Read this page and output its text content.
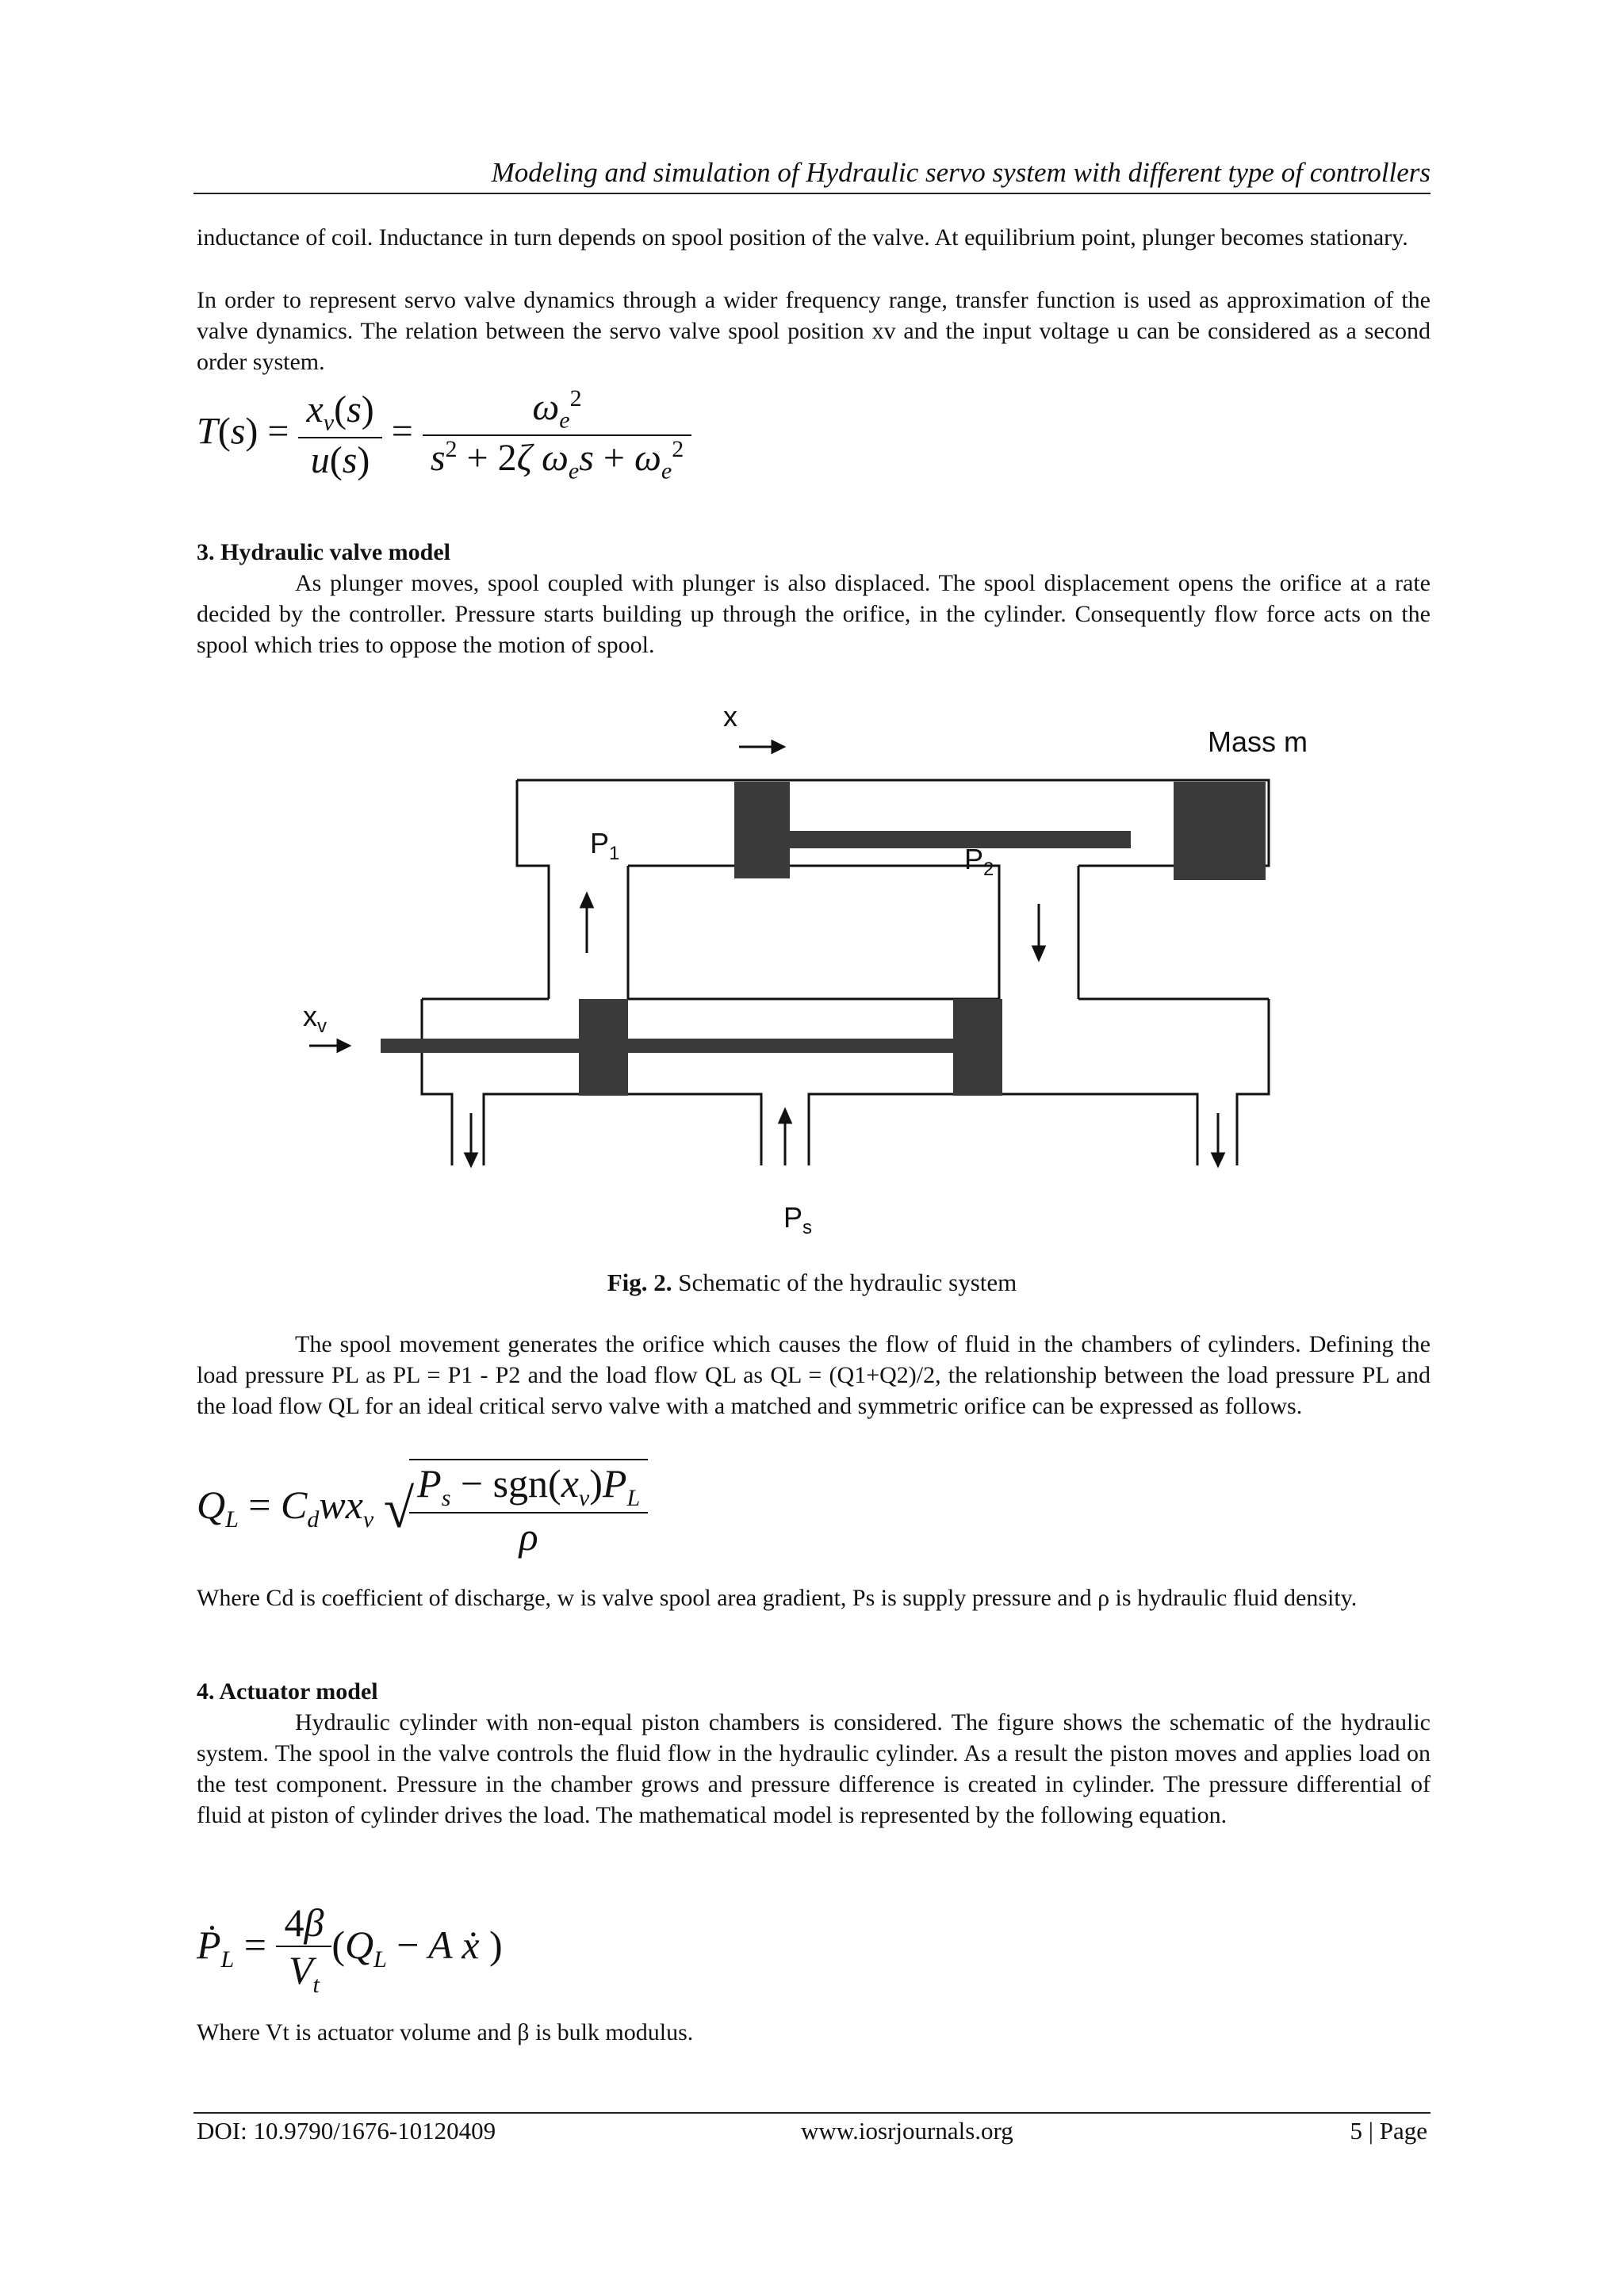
Modeling and simulation of Hydraulic servo system with different type of controllers
inductance of coil. Inductance in turn depends on spool position of the valve. At equilibrium point, plunger becomes stationary.
In order to represent servo valve dynamics through a wider frequency range, transfer function is used as approximation of the valve dynamics. The relation between the servo valve spool position xv and the input voltage u can be considered as a second order system.
$T(s) = \frac{x_v(s)}{u(s)} = \frac{\omega_e^2}{s^2 + 2\zeta \omega_es + \omega_e^2}$
3. Hydraulic valve model
As plunger moves, spool coupled with plunger is also displaced. The spool displacement opens the orifice at a rate decided by the controller. Pressure starts building up through the orifice, in the cylinder. Consequently flow force acts on the spool which tries to oppose the motion of spool.
x
Mass m
$P_1$	$P_2$
$x_v$
$P_s$
Fig. 2. Schematic of the hydraulic system
The spool movement generates the orifice which causes the flow of fluid in the chambers of cylinders. Defining the load pressure PL as PL = P1 - P2 and the load flow QL as QL = (Q1+Q2)/2, the relationship between the load pressure PL and the load flow QL for an ideal critical servo valve with a matched and symmetric orifice can be expressed as follows.
$Q_L = C_dwx_v$ √
$\frac{P_s - sgn(x_v)P_L}{\rho}$
Where Cd is coefficient of discharge, w is valve spool area gradient, Ps is supply pressure and ρ is hydraulic fluid density.
4. Actuator model
Hydraulic cylinder with non-equal piston chambers is considered. The figure shows the schematic of the hydraulic system. The spool in the valve controls the fluid flow in the hydraulic cylinder. As a result the piston moves and applies load on the test component. Pressure in the chamber grows and pressure difference is created in cylinder. The pressure differential of fluid at piston of cylinder drives the load. The mathematical model is represented by the following equation.
Ṗ$_L$ = $\frac{4\beta}{V_t} (Q_L - A$ ẋ )
Where Vt is actuator volume and β is bulk modulus.
DOI: 10.9790/1676-10120409	www.iosrjournals.org	5 | Page
